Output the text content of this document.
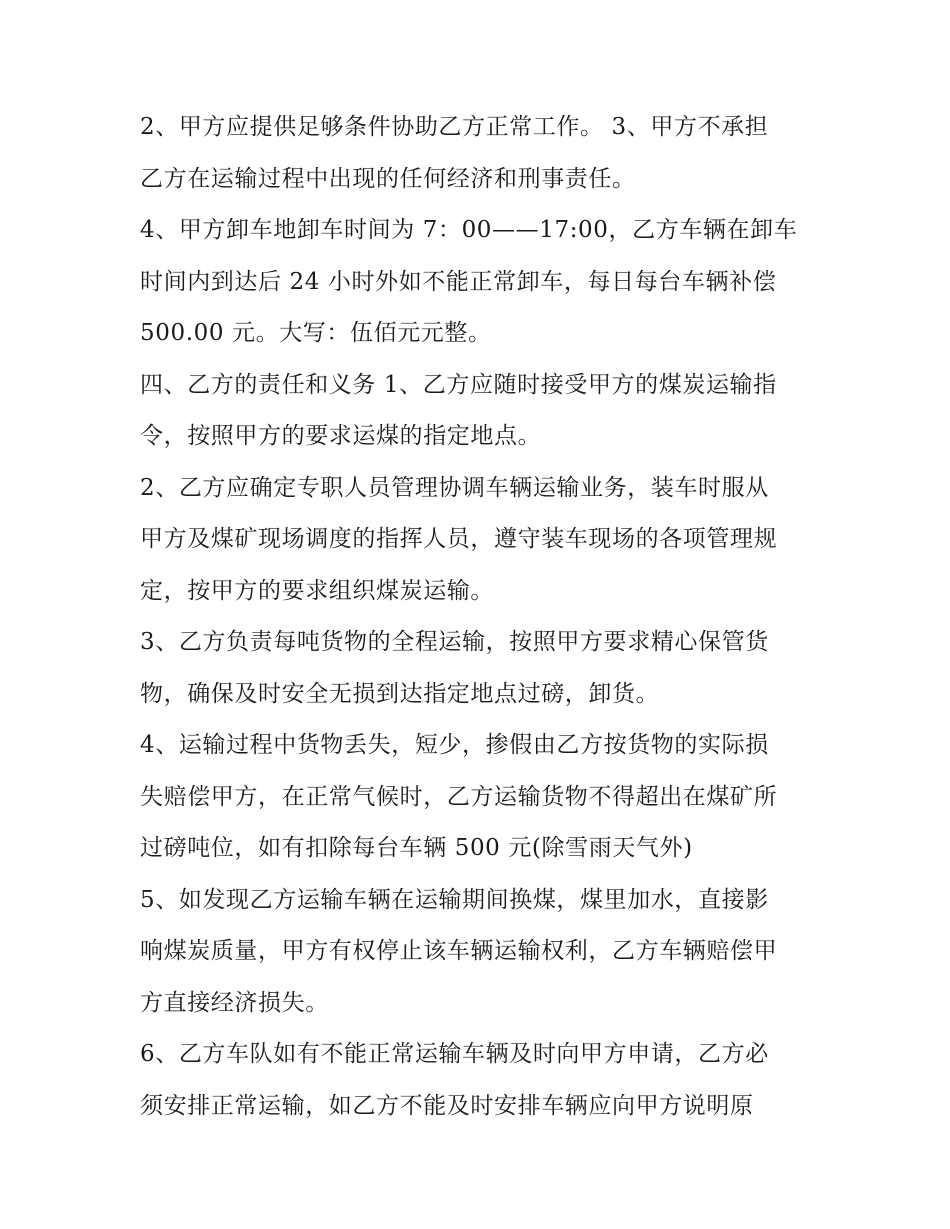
2、甲方应提供足够条件协助乙方正常工作。 3、甲方不承担
乙方在运输过程中出现的任何经济和刑事责任。
4、甲方卸车地卸车时间为 7：00——17:00，乙方车辆在卸车
时间内到达后 24 小时外如不能正常卸车，每日每台车辆补偿
500.00 元。大写：伍佰元元整。
四、乙方的责任和义务 1、乙方应随时接受甲方的煤炭运输指
令，按照甲方的要求运煤的指定地点。
2、乙方应确定专职人员管理协调车辆运输业务，装车时服从
甲方及煤矿现场调度的指挥人员，遵守装车现场的各项管理规
定，按甲方的要求组织煤炭运输。
3、乙方负责每吨货物的全程运输，按照甲方要求精心保管货
物，确保及时安全无损到达指定地点过磅，卸货。
4、运输过程中货物丢失，短少，掺假由乙方按货物的实际损
失赔偿甲方，在正常气候时，乙方运输货物不得超出在煤矿所
过磅吨位，如有扣除每台车辆 500 元(除雪雨天气外)
5、如发现乙方运输车辆在运输期间换煤，煤里加水，直接影
响煤炭质量，甲方有权停止该车辆运输权利，乙方车辆赔偿甲
方直接经济损失。
6、乙方车队如有不能正常运输车辆及时向甲方申请，乙方必
须安排正常运输，如乙方不能及时安排车辆应向甲方说明原
